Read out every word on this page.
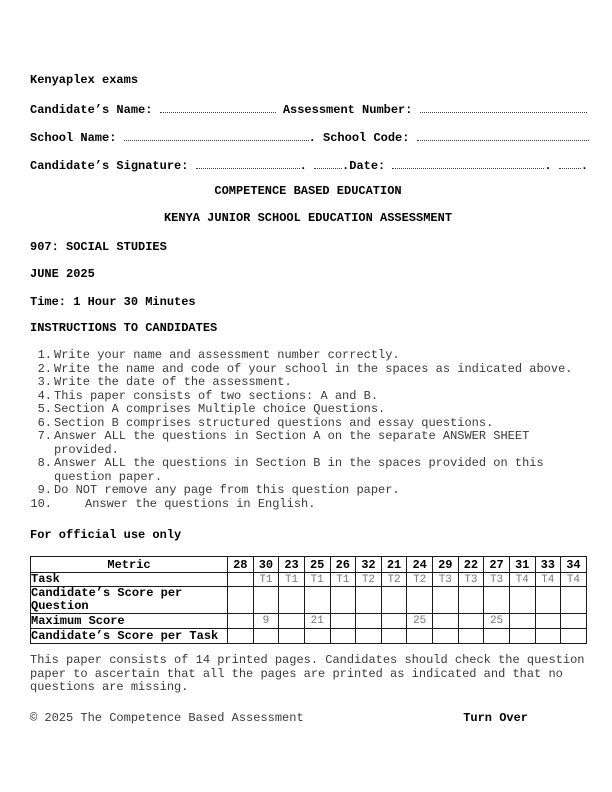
Kenyaplex exams

Candidate’s Name:	Assessment Number:

School Name:	. School Code:

Candidate’s Signature:	.	.Date:	. .

COMPETENCE BASED EDUCATION

KENYA JUNIOR SCHOOL EDUCATION ASSESSMENT

907: SOCIAL STUDIES

JUNE 2025

Time: 1 Hour 30 Minutes

INSTRUCTIONS TO CANDIDATES

1. Write your name and assessment number correctly.
2. Write the name and code of your school in the spaces as indicated above.
3. Write the date of the assessment.
4. This paper consists of two sections: A and B.
5. Section A comprises Multiple choice Questions.
6. Section B comprises structured questions and essay questions.
7. Answer ALL the questions in Section A on the separate ANSWER SHEET provided.
8. Answer ALL the questions in Section B in the spaces provided on this question paper.
9. Do NOT remove any page from this question paper.
10.	Answer the questions in English.

For official use only

Metric	28	30	23	25	26	32	21	24	29	22	27	31	33	34
Task		T1	T1	T1	T1	T2	T2	T2	T3	T3	T3	T4	T4	T4
Candidate’s Score per Question														
Maximum Score		9		21				25			25			
Candidate’s Score per Task														

This paper consists of 14 printed pages. Candidates should check the question paper to ascertain that all the pages are printed as indicated and that no questions are missing.

© 2025 The Competence Based Assessment	Turn Over
